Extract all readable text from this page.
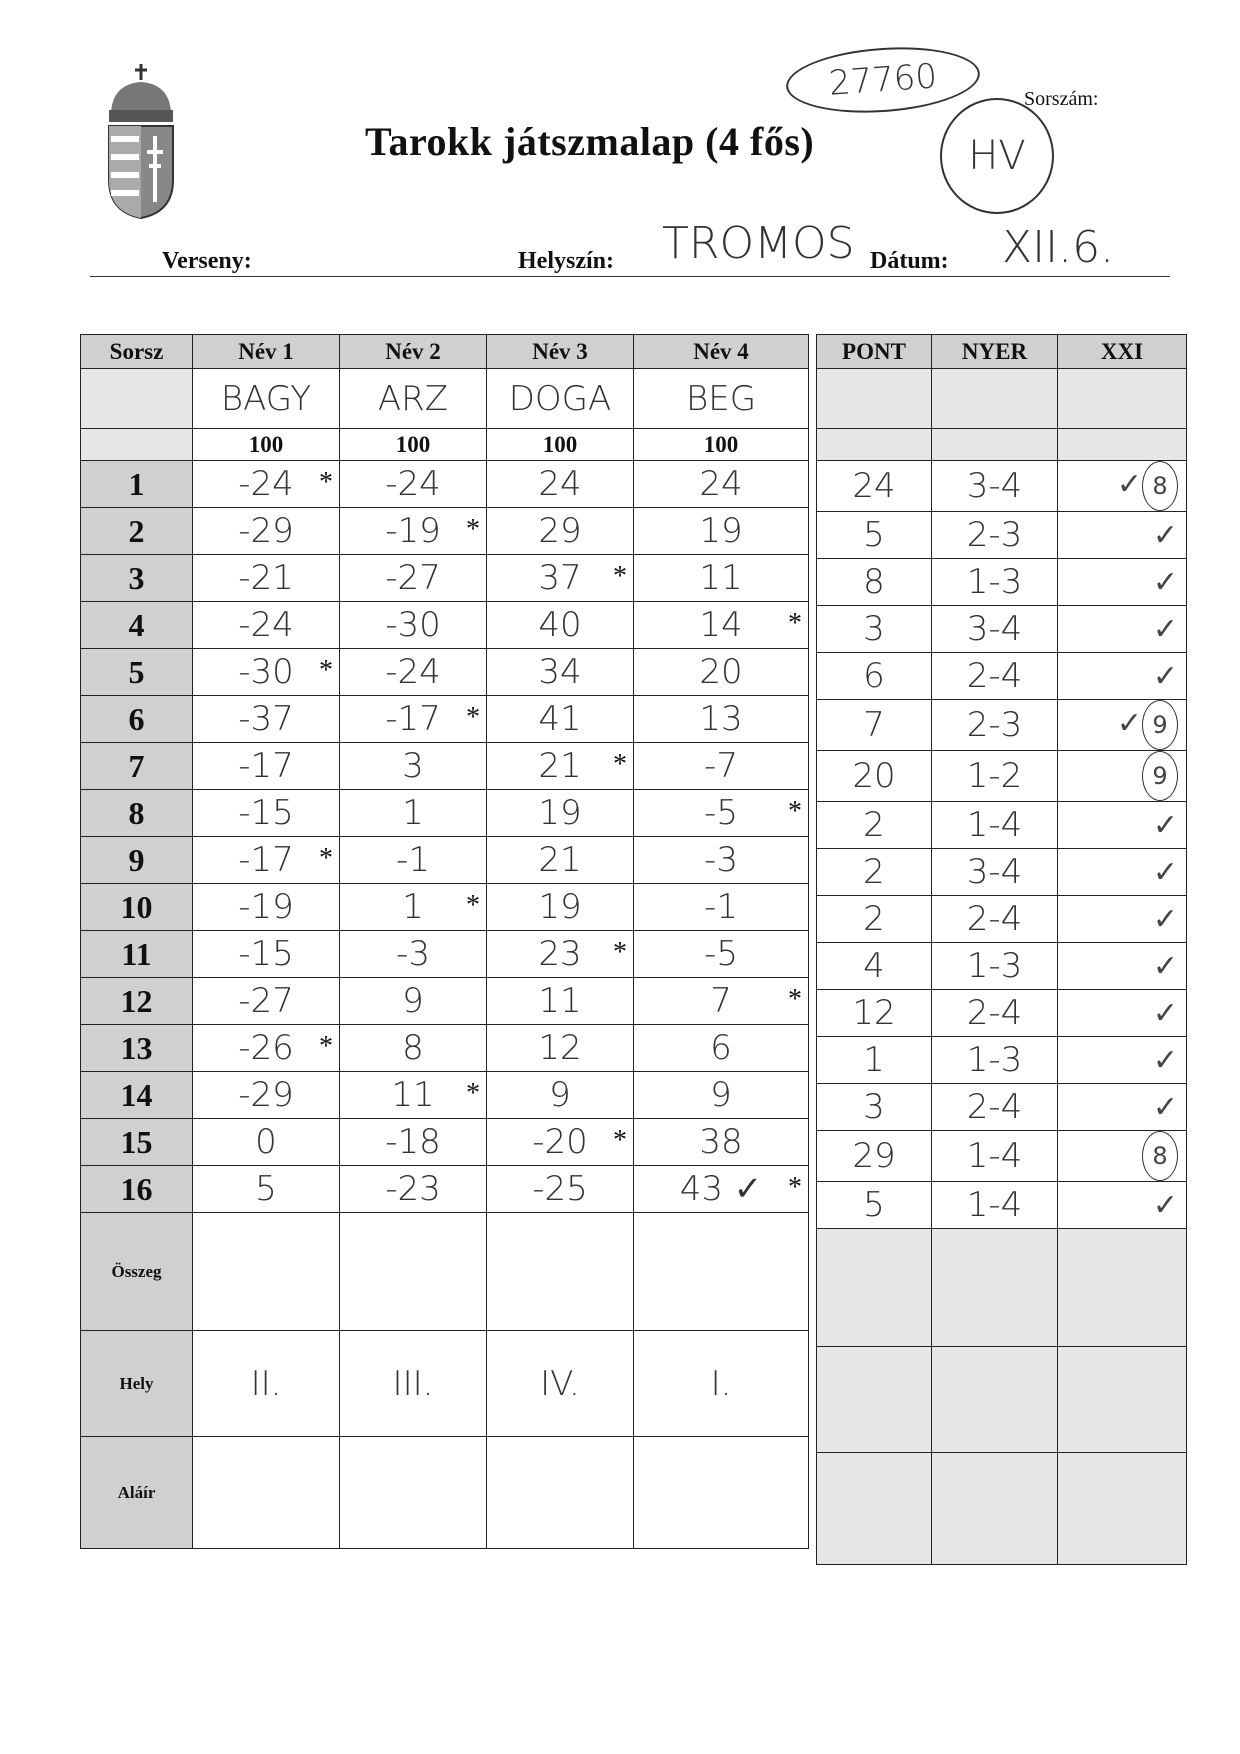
Tarokk játszmalap (4 fős)
Sorszám:
27760
HV
Verseny:	Helyszín: TROMOS Dátum: XII.6.
Sorsz	Név 1	Név 2	Név 3	Név 4
	BAGY	ARZ	DOGA	BEG
	100	100	100	100
1	-24 *	-24	24	24
2	-29	-19 *	29	19
3	-21	-27	37 *	11
4	-24	-30	40	14 *

5	-30 *	-24	34	20
6	-37	-17 *	41	13
7	-17	3	21 *	-7
8	-15	1	19	-5 *

9	-17 *	-1	21	-3
10	-19	1 *	19	-1
11	-15	-3	23 *	-5
12	-27	9	11	7 *

13	-26 *	8	12	6
14	-29	11 *	9	9
15	0	-18	-20 *	38
16	5	-23	-25	43 ✓ *

Összeg				
Hely	II.	III.	IV.	I.
Aláír				
PONT	NYER	XXI

24	3-4	✓ 8
5	2-3	✓
8	1-3	✓
3	3-4	✓
6	2-4	✓
7	2-3	✓ 9
20	1-2	9
2	1-4	✓
2	3-4	✓
2	2-4	✓
4	1-3	✓
12	2-4	✓
1	1-3	✓
3	2-4	✓
29	1-4	8
5	1-4	✓
